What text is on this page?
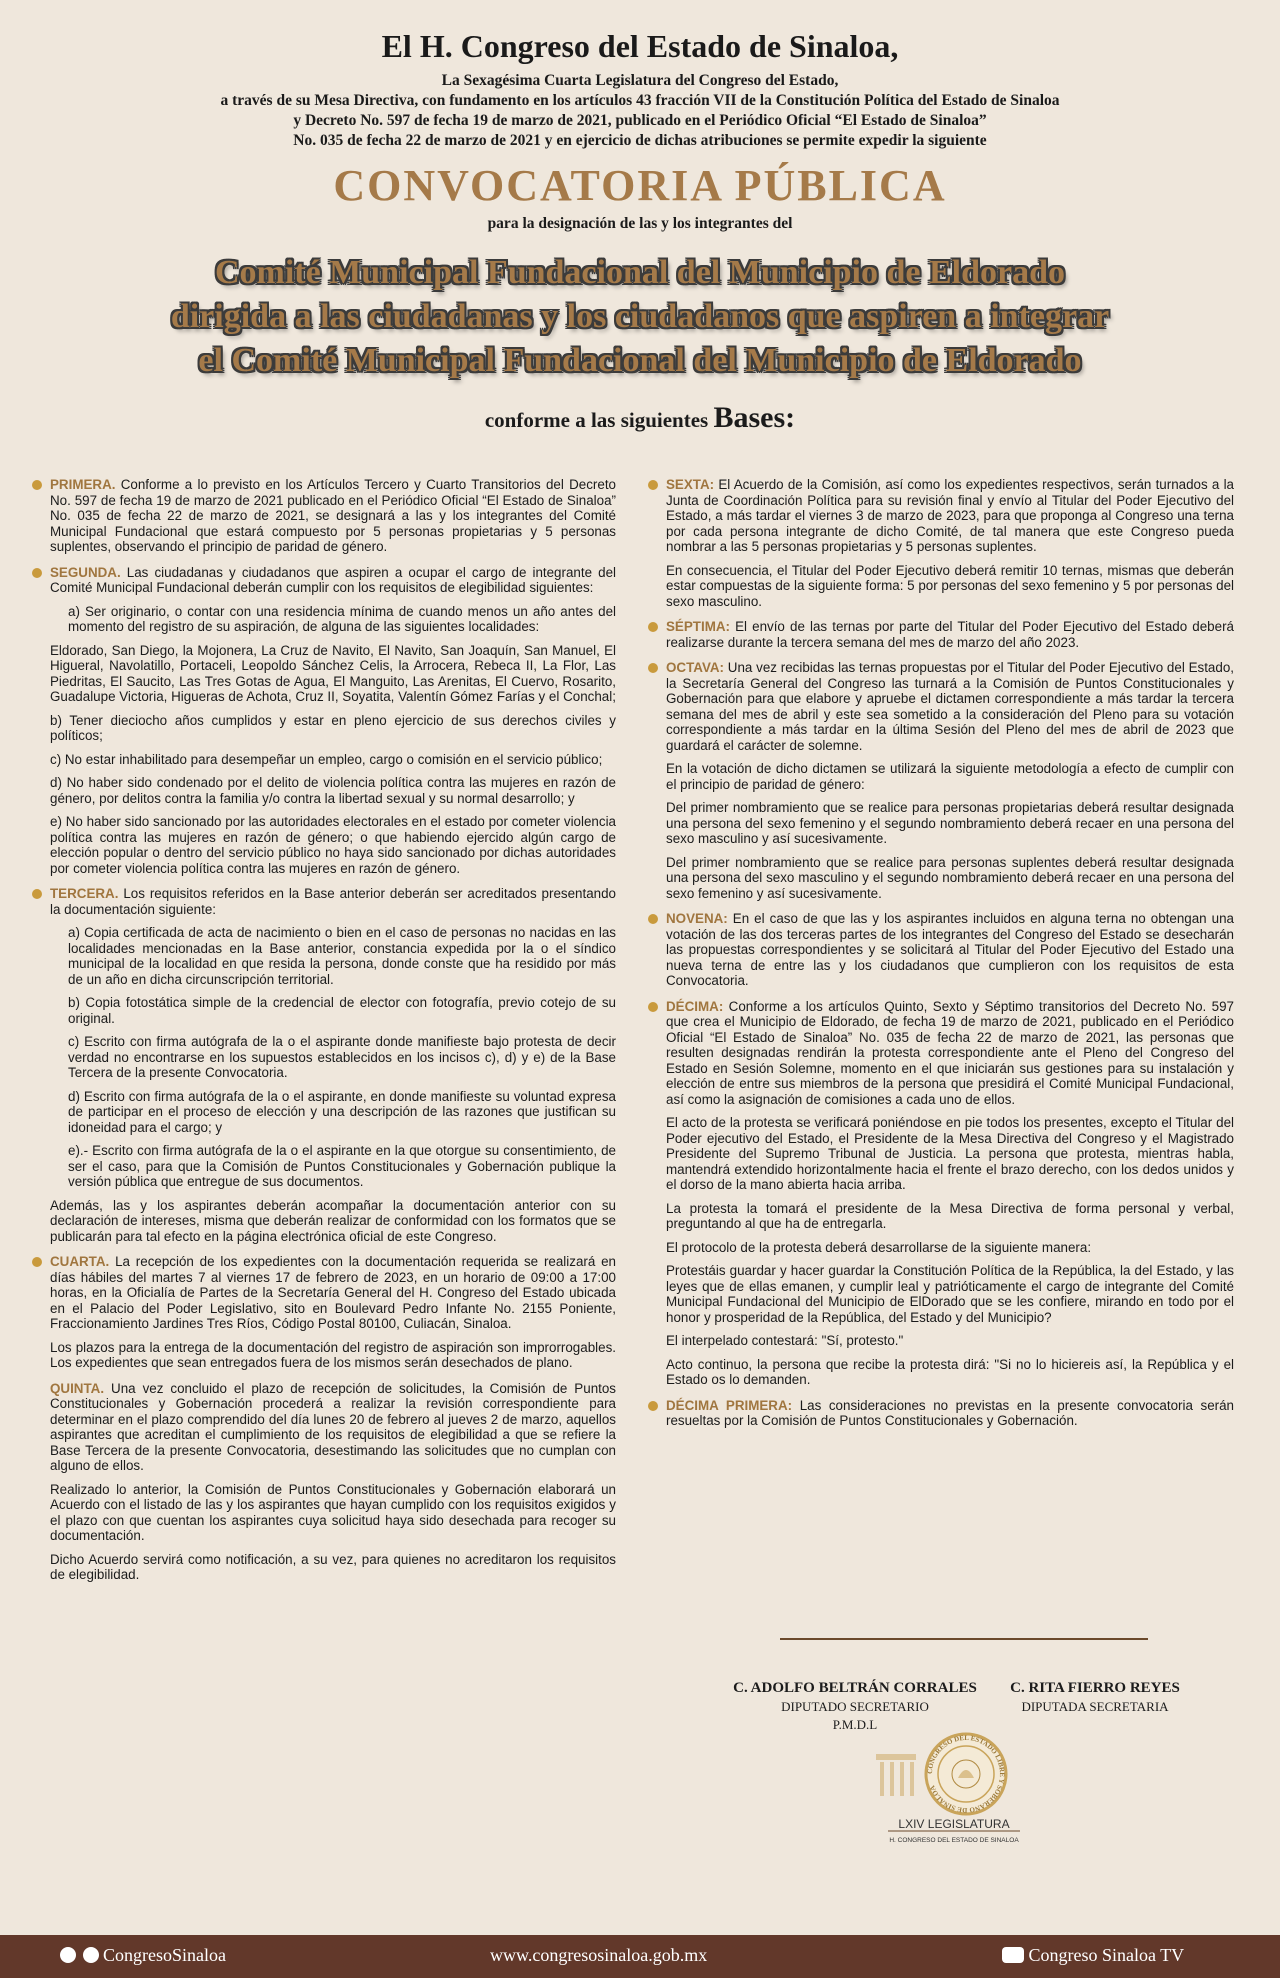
El H. Congreso del Estado de Sinaloa,
La Sexagésima Cuarta Legislatura del Congreso del Estado,
a través de su Mesa Directiva, con fundamento en los artículos 43 fracción VII de la Constitución Política del Estado de Sinaloa
y Decreto No. 597 de fecha 19 de marzo de 2021, publicado en el Periódico Oficial “El Estado de Sinaloa”
No. 035 de fecha 22 de marzo de 2021 y en ejercicio de dichas atribuciones se permite expedir la siguiente
CONVOCATORIA PÚBLICA
para la designación de las y los integrantes del
Comité Municipal Fundacional del Municipio de Eldorado
dirigida a las ciudadanas y los ciudadanos que aspiren a integrar
el Comité Municipal Fundacional del Municipio de Eldorado
conforme a las siguientes Bases:

PRIMERA. Conforme a lo previsto en los Artículos Tercero y Cuarto Transitorios del Decreto No. 597 de fecha 19 de marzo de 2021 publicado en el Periódico Oficial “El Estado de Sinaloa” No. 035 de fecha 22 de marzo de 2021, se designará a las y los integrantes del Comité Municipal Fundacional que estará compuesto por 5 personas propietarias y 5 personas suplentes, observando el principio de paridad de género.

SEGUNDA. Las ciudadanas y ciudadanos que aspiren a ocupar el cargo de integrante del Comité Municipal Fundacional deberán cumplir con los requisitos de elegibilidad siguientes:

a) Ser originario, o contar con una residencia mínima de cuando menos un año antes del momento del registro de su aspiración, de alguna de las siguientes localidades:

Eldorado, San Diego, la Mojonera, La Cruz de Navito, El Navito, San Joaquín, San Manuel, El Higueral, Navolatillo, Portaceli, Leopoldo Sánchez Celis, la Arrocera, Rebeca II, La Flor, Las Piedritas, El Saucito, Las Tres Gotas de Agua, El Manguito, Las Arenitas, El Cuervo, Rosarito, Guadalupe Victoria, Higueras de Achota, Cruz II, Soyatita, Valentín Gómez Farías y el Conchal;

b) Tener dieciocho años cumplidos y estar en pleno ejercicio de sus derechos civiles y políticos;

c) No estar inhabilitado para desempeñar un empleo, cargo o comisión en el servicio público;

d) No haber sido condenado por el delito de violencia política contra las mujeres en razón de género, por delitos contra la familia y/o contra la libertad sexual y su normal desarrollo; y

e) No haber sido sancionado por las autoridades electorales en el estado por cometer violencia política contra las mujeres en razón de género; o que habiendo ejercido algún cargo de elección popular o dentro del servicio público no haya sido sancionado por dichas autoridades por cometer violencia política contra las mujeres en razón de género.

TERCERA. Los requisitos referidos en la Base anterior deberán ser acreditados presentando la documentación siguiente:

a) Copia certificada de acta de nacimiento o bien en el caso de personas no nacidas en las localidades mencionadas en la Base anterior, constancia expedida por la o el síndico municipal de la localidad en que resida la persona, donde conste que ha residido por más de un año en dicha circunscripción territorial.

b) Copia fotostática simple de la credencial de elector con fotografía, previo cotejo de su original.

c) Escrito con firma autógrafa de la o el aspirante donde manifieste bajo protesta de decir verdad no encontrarse en los supuestos establecidos en los incisos c), d) y e) de la Base Tercera de la presente Convocatoria.

d) Escrito con firma autógrafa de la o el aspirante, en donde manifieste su voluntad expresa de participar en el proceso de elección y una descripción de las razones que justifican su idoneidad para el cargo; y

e).- Escrito con firma autógrafa de la o el aspirante en la que otorgue su consentimiento, de ser el caso, para que la Comisión de Puntos Constitucionales y Gobernación publique la versión pública que entregue de sus documentos.

Además, las y los aspirantes deberán acompañar la documentación anterior con su declaración de intereses, misma que deberán realizar de conformidad con los formatos que se publicarán para tal efecto en la página electrónica oficial de este Congreso.

CUARTA. La recepción de los expedientes con la documentación requerida se realizará en días hábiles del martes 7 al viernes 17 de febrero de 2023, en un horario de 09:00 a 17:00 horas, en la Oficialía de Partes de la Secretaría General del H. Congreso del Estado ubicada en el Palacio del Poder Legislativo, sito en Boulevard Pedro Infante No. 2155 Poniente, Fraccionamiento Jardines Tres Ríos, Código Postal 80100, Culiacán, Sinaloa.

Los plazos para la entrega de la documentación del registro de aspiración son improrrogables. Los expedientes que sean entregados fuera de los mismos serán desechados de plano.

QUINTA. Una vez concluido el plazo de recepción de solicitudes, la Comisión de Puntos Constitucionales y Gobernación procederá a realizar la revisión correspondiente para determinar en el plazo comprendido del día lunes 20 de febrero al jueves 2 de marzo, aquellos aspirantes que acreditan el cumplimiento de los requisitos de elegibilidad a que se refiere la Base Tercera de la presente Convocatoria, desestimando las solicitudes que no cumplan con alguno de ellos.

Realizado lo anterior, la Comisión de Puntos Constitucionales y Gobernación elaborará un Acuerdo con el listado de las y los aspirantes que hayan cumplido con los requisitos exigidos y el plazo con que cuentan los aspirantes cuya solicitud haya sido desechada para recoger su documentación.

Dicho Acuerdo servirá como notificación, a su vez, para quienes no acreditaron los requisitos de elegibilidad.

SEXTA: El Acuerdo de la Comisión, así como los expedientes respectivos, serán turnados a la Junta de Coordinación Política para su revisión final y envío al Titular del Poder Ejecutivo del Estado, a más tardar el viernes 3 de marzo de 2023, para que proponga al Congreso una terna por cada persona integrante de dicho Comité, de tal manera que este Congreso pueda nombrar a las 5 personas propietarias y 5 personas suplentes.

En consecuencia, el Titular del Poder Ejecutivo deberá remitir 10 ternas, mismas que deberán estar compuestas de la siguiente forma: 5 por personas del sexo femenino y 5 por personas del sexo masculino.

SÉPTIMA: El envío de las ternas por parte del Titular del Poder Ejecutivo del Estado deberá realizarse durante la tercera semana del mes de marzo del año 2023.

OCTAVA: Una vez recibidas las ternas propuestas por el Titular del Poder Ejecutivo del Estado, la Secretaría General del Congreso las turnará a la Comisión de Puntos Constitucionales y Gobernación para que elabore y apruebe el dictamen correspondiente a más tardar la tercera semana del mes de abril y este sea sometido a la consideración del Pleno para su votación correspondiente a más tardar en la última Sesión del Pleno del mes de abril de 2023 que guardará el carácter de solemne.

En la votación de dicho dictamen se utilizará la siguiente metodología a efecto de cumplir con el principio de paridad de género:

Del primer nombramiento que se realice para personas propietarias deberá resultar designada una persona del sexo femenino y el segundo nombramiento deberá recaer en una persona del sexo masculino y así sucesivamente.

Del primer nombramiento que se realice para personas suplentes deberá resultar designada una persona del sexo masculino y el segundo nombramiento deberá recaer en una persona del sexo femenino y así sucesivamente.

NOVENA: En el caso de que las y los aspirantes incluidos en alguna terna no obtengan una votación de las dos terceras partes de los integrantes del Congreso del Estado se desecharán las propuestas correspondientes y se solicitará al Titular del Poder Ejecutivo del Estado una nueva terna de entre las y los ciudadanos que cumplieron con los requisitos de esta Convocatoria.

DÉCIMA: Conforme a los artículos Quinto, Sexto y Séptimo transitorios del Decreto No. 597 que crea el Municipio de Eldorado, de fecha 19 de marzo de 2021, publicado en el Periódico Oficial “El Estado de Sinaloa” No. 035 de fecha 22 de marzo de 2021, las personas que resulten designadas rendirán la protesta correspondiente ante el Pleno del Congreso del Estado en Sesión Solemne, momento en el que iniciarán sus gestiones para su instalación y elección de entre sus miembros de la persona que presidirá el Comité Municipal Fundacional, así como la asignación de comisiones a cada uno de ellos.

El acto de la protesta se verificará poniéndose en pie todos los presentes, excepto el Titular del Poder ejecutivo del Estado, el Presidente de la Mesa Directiva del Congreso y el Magistrado Presidente del Supremo Tribunal de Justicia. La persona que protesta, mientras habla, mantendrá extendido horizontalmente hacia el frente el brazo derecho, con los dedos unidos y el dorso de la mano abierta hacia arriba.

La protesta la tomará el presidente de la Mesa Directiva de forma personal y verbal, preguntando al que ha de entregarla.

El protocolo de la protesta deberá desarrollarse de la siguiente manera:

Protestáis guardar y hacer guardar la Constitución Política de la República, la del Estado, y las leyes que de ellas emanen, y cumplir leal y patrióticamente el cargo de integrante del Comité Municipal Fundacional del Municipio de ElDorado que se les confiere, mirando en todo por el honor y prosperidad de la República, del Estado y del Municipio?

El interpelado contestará: "Sí, protesto."

Acto continuo, la persona que recibe la protesta dirá: "Si no lo hiciereis así, la República y el Estado os lo demanden.

DÉCIMA PRIMERA: Las consideraciones no previstas en la presente convocatoria serán resueltas por la Comisión de Puntos Constitucionales y Gobernación.

C. ADOLFO BELTRÁN CORRALES
DIPUTADO SECRETARIO
P.M.D.L
C. RITA FIERRO REYES
DIPUTADA SECRETARIA
CONGRESO DEL ESTADO LIBRE Y SOBERANO DE SINALOA
LXIV LEGISLATURA
H. CONGRESO DEL ESTADO DE SINALOA
CongresoSinaloa	www.congresosinaloa.gob.mx	Congreso Sinaloa TV
